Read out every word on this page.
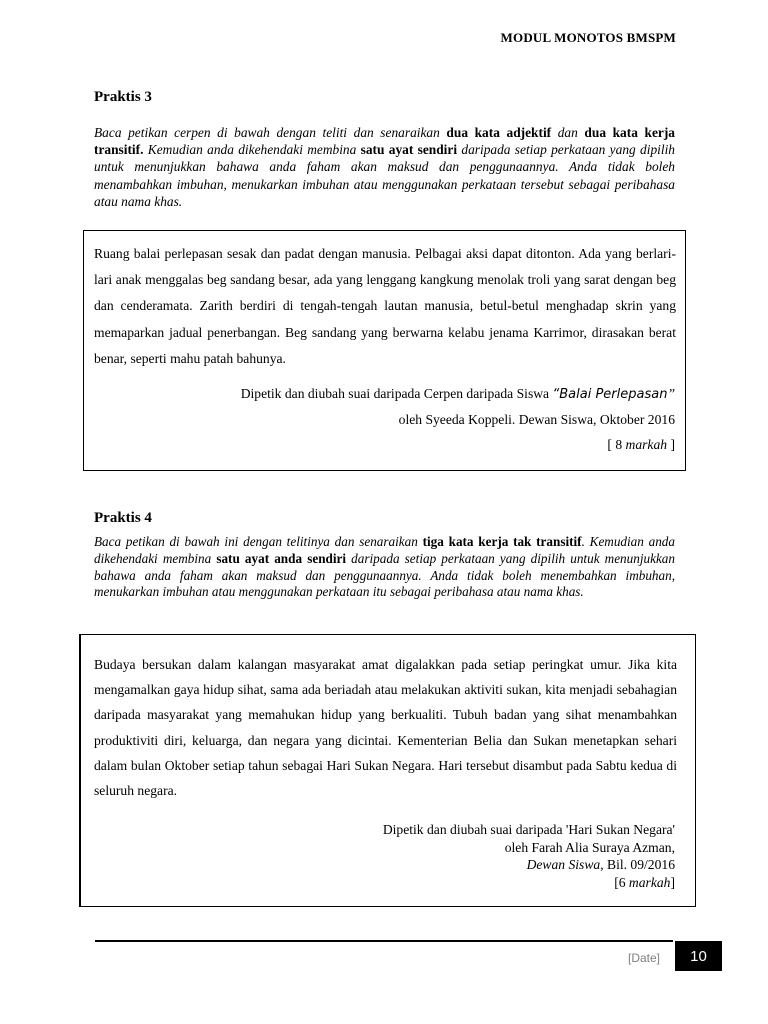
MODUL MONOTOS BMSPM
Praktis 3
Baca petikan cerpen di bawah dengan teliti dan senaraikan dua kata adjektif dan dua kata kerja transitif. Kemudian anda dikehendaki membina satu ayat sendiri daripada setiap perkataan yang dipilih untuk menunjukkan bahawa anda faham akan maksud dan penggunaannya. Anda tidak boleh menambahkan imbuhan, menukarkan imbuhan atau menggunakan perkataan tersebut sebagai peribahasa atau nama khas.
Ruang balai perlepasan sesak dan padat dengan manusia. Pelbagai aksi dapat ditonton. Ada yang berlari-lari anak menggalas beg sandang besar, ada yang lenggang kangkung menolak troli yang sarat dengan beg dan cenderamata. Zarith berdiri di tengah-tengah lautan manusia, betul-betul menghadap skrin yang memaparkan jadual penerbangan. Beg sandang yang berwarna kelabu jenama Karrimor, dirasakan berat benar, seperti mahu patah bahunya.
Dipetik dan diubah suai daripada Cerpen daripada Siswa “Balai Perlepasan”
oleh Syeeda Koppeli. Dewan Siswa, Oktober 2016
[ 8 markah ]
Praktis 4
Baca petikan di bawah ini dengan telitinya dan senaraikan tiga kata kerja tak transitif. Kemudian anda dikehendaki membina satu ayat anda sendiri daripada setiap perkataan yang dipilih untuk menunjukkan bahawa anda faham akan maksud dan penggunaannya. Anda tidak boleh menembahkan imbuhan, menukarkan imbuhan atau menggunakan perkataan itu sebagai peribahasa atau nama khas.
Budaya bersukan dalam kalangan masyarakat amat digalakkan pada setiap peringkat umur. Jika kita mengamalkan gaya hidup sihat, sama ada beriadah atau melakukan aktiviti sukan, kita menjadi sebahagian daripada masyarakat yang memahukan hidup yang berkualiti. Tubuh badan yang sihat menambahkan produktiviti diri, keluarga, dan negara yang dicintai. Kementerian Belia dan Sukan menetapkan sehari dalam bulan Oktober setiap tahun sebagai Hari Sukan Negara. Hari tersebut disambut pada Sabtu kedua di seluruh negara.
Dipetik dan diubah suai daripada 'Hari Sukan Negara'
oleh Farah Alia Suraya Azman,
Dewan Siswa, Bil. 09/2016
[6 markah]
[Date]	10
